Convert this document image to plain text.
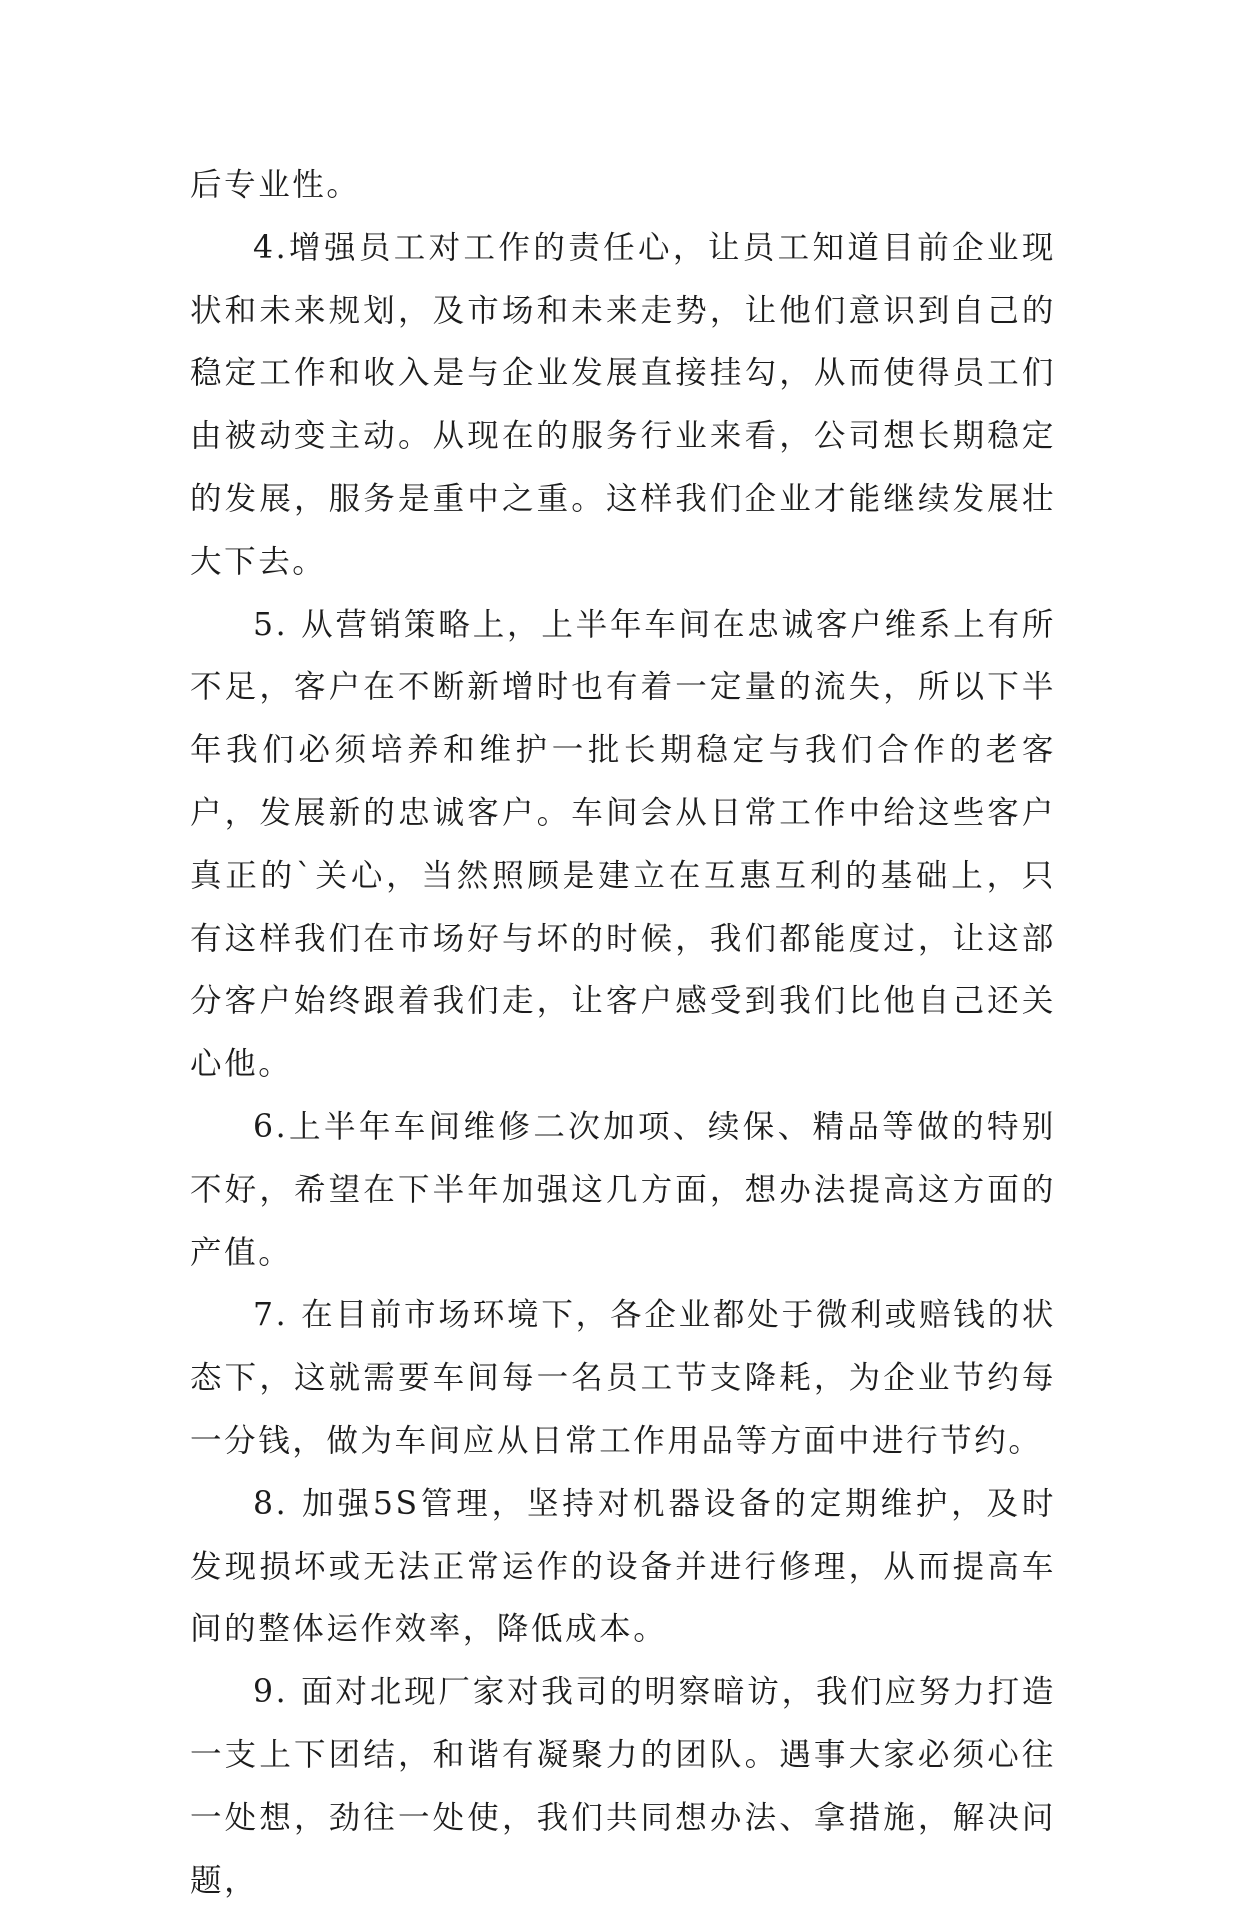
后专业性。

4.增强员工对工作的责任心，让员工知道目前企业现状和未来规划，及市场和未来走势，让他们意识到自己的稳定工作和收入是与企业发展直接挂勾，从而使得员工们由被动变主动。从现在的服务行业来看，公司想长期稳定的发展，服务是重中之重。这样我们企业才能继续发展壮大下去。

5. 从营销策略上，上半年车间在忠诚客户维系上有所不足，客户在不断新增时也有着一定量的流失，所以下半年我们必须培养和维护一批长期稳定与我们合作的老客户，发展新的忠诚客户。车间会从日常工作中给这些客户真正的`关心，当然照顾是建立在互惠互利的基础上，只有这样我们在市场好与坏的时候，我们都能度过，让这部分客户始终跟着我们走，让客户感受到我们比他自己还关心他。

6.上半年车间维修二次加项、续保、精品等做的特别不好，希望在下半年加强这几方面，想办法提高这方面的产值。

7. 在目前市场环境下，各企业都处于微利或赔钱的状态下，这就需要车间每一名员工节支降耗，为企业节约每一分钱，做为车间应从日常工作用品等方面中进行节约。

8. 加强5S管理，坚持对机器设备的定期维护，及时发现损坏或无法正常运作的设备并进行修理，从而提高车间的整体运作效率，降低成本。

9. 面对北现厂家对我司的明察暗访，我们应努力打造一支上下团结，和谐有凝聚力的团队。遇事大家必须心往一处想，劲往一处使，我们共同想办法、拿措施，解决问题，
